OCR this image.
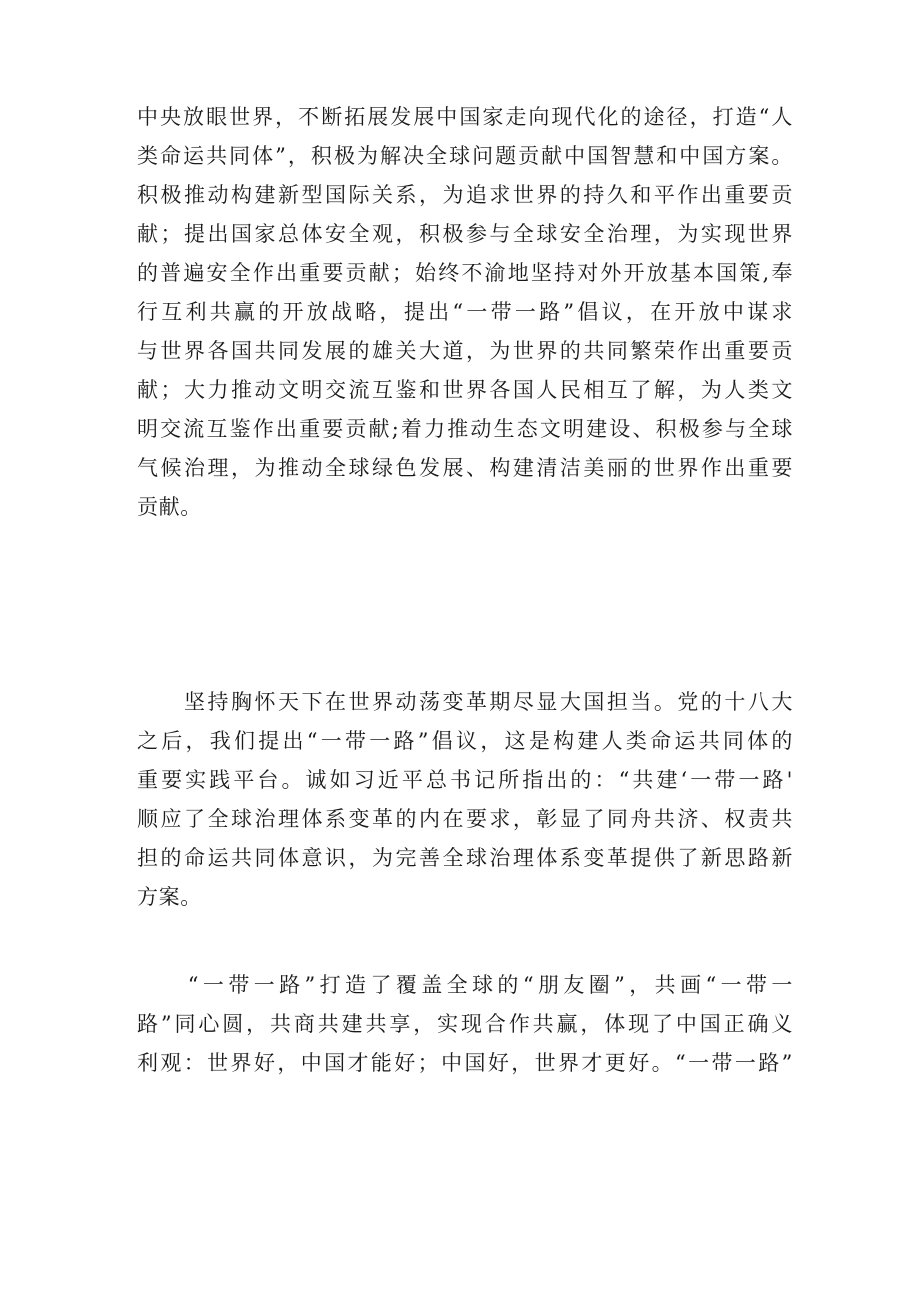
中央放眼世界，不断拓展发展中国家走向现代化的途径，打造“人
类命运共同体”，积极为解决全球问题贡献中国智慧和中国方案。
积极推动构建新型国际关系，为追求世界的持久和平作出重要贡
献；提出国家总体安全观，积极参与全球安全治理，为实现世界
的普遍安全作出重要贡献；始终不渝地坚持对外开放基本国策,奉
行互利共赢的开放战略，提出“一带一路”倡议，在开放中谋求
与世界各国共同发展的雄关大道，为世界的共同繁荣作出重要贡
献；大力推动文明交流互鉴和世界各国人民相互了解，为人类文
明交流互鉴作出重要贡献;着力推动生态文明建设、积极参与全球
气候治理，为推动全球绿色发展、构建清洁美丽的世界作出重要
贡献。
　　坚持胸怀天下在世界动荡变革期尽显大国担当。党的十八大
之后，我们提出“一带一路”倡议，这是构建人类命运共同体的
重要实践平台。诚如习近平总书记所指出的：“共建‘一带一路'
顺应了全球治理体系变革的内在要求，彰显了同舟共济、权责共
担的命运共同体意识，为完善全球治理体系变革提供了新思路新
方案。
　　“一带一路”打造了覆盖全球的“朋友圈”，共画“一带一
路”同心圆，共商共建共享，实现合作共赢，体现了中国正确义
利观：世界好，中国才能好；中国好，世界才更好。“一带一路”
